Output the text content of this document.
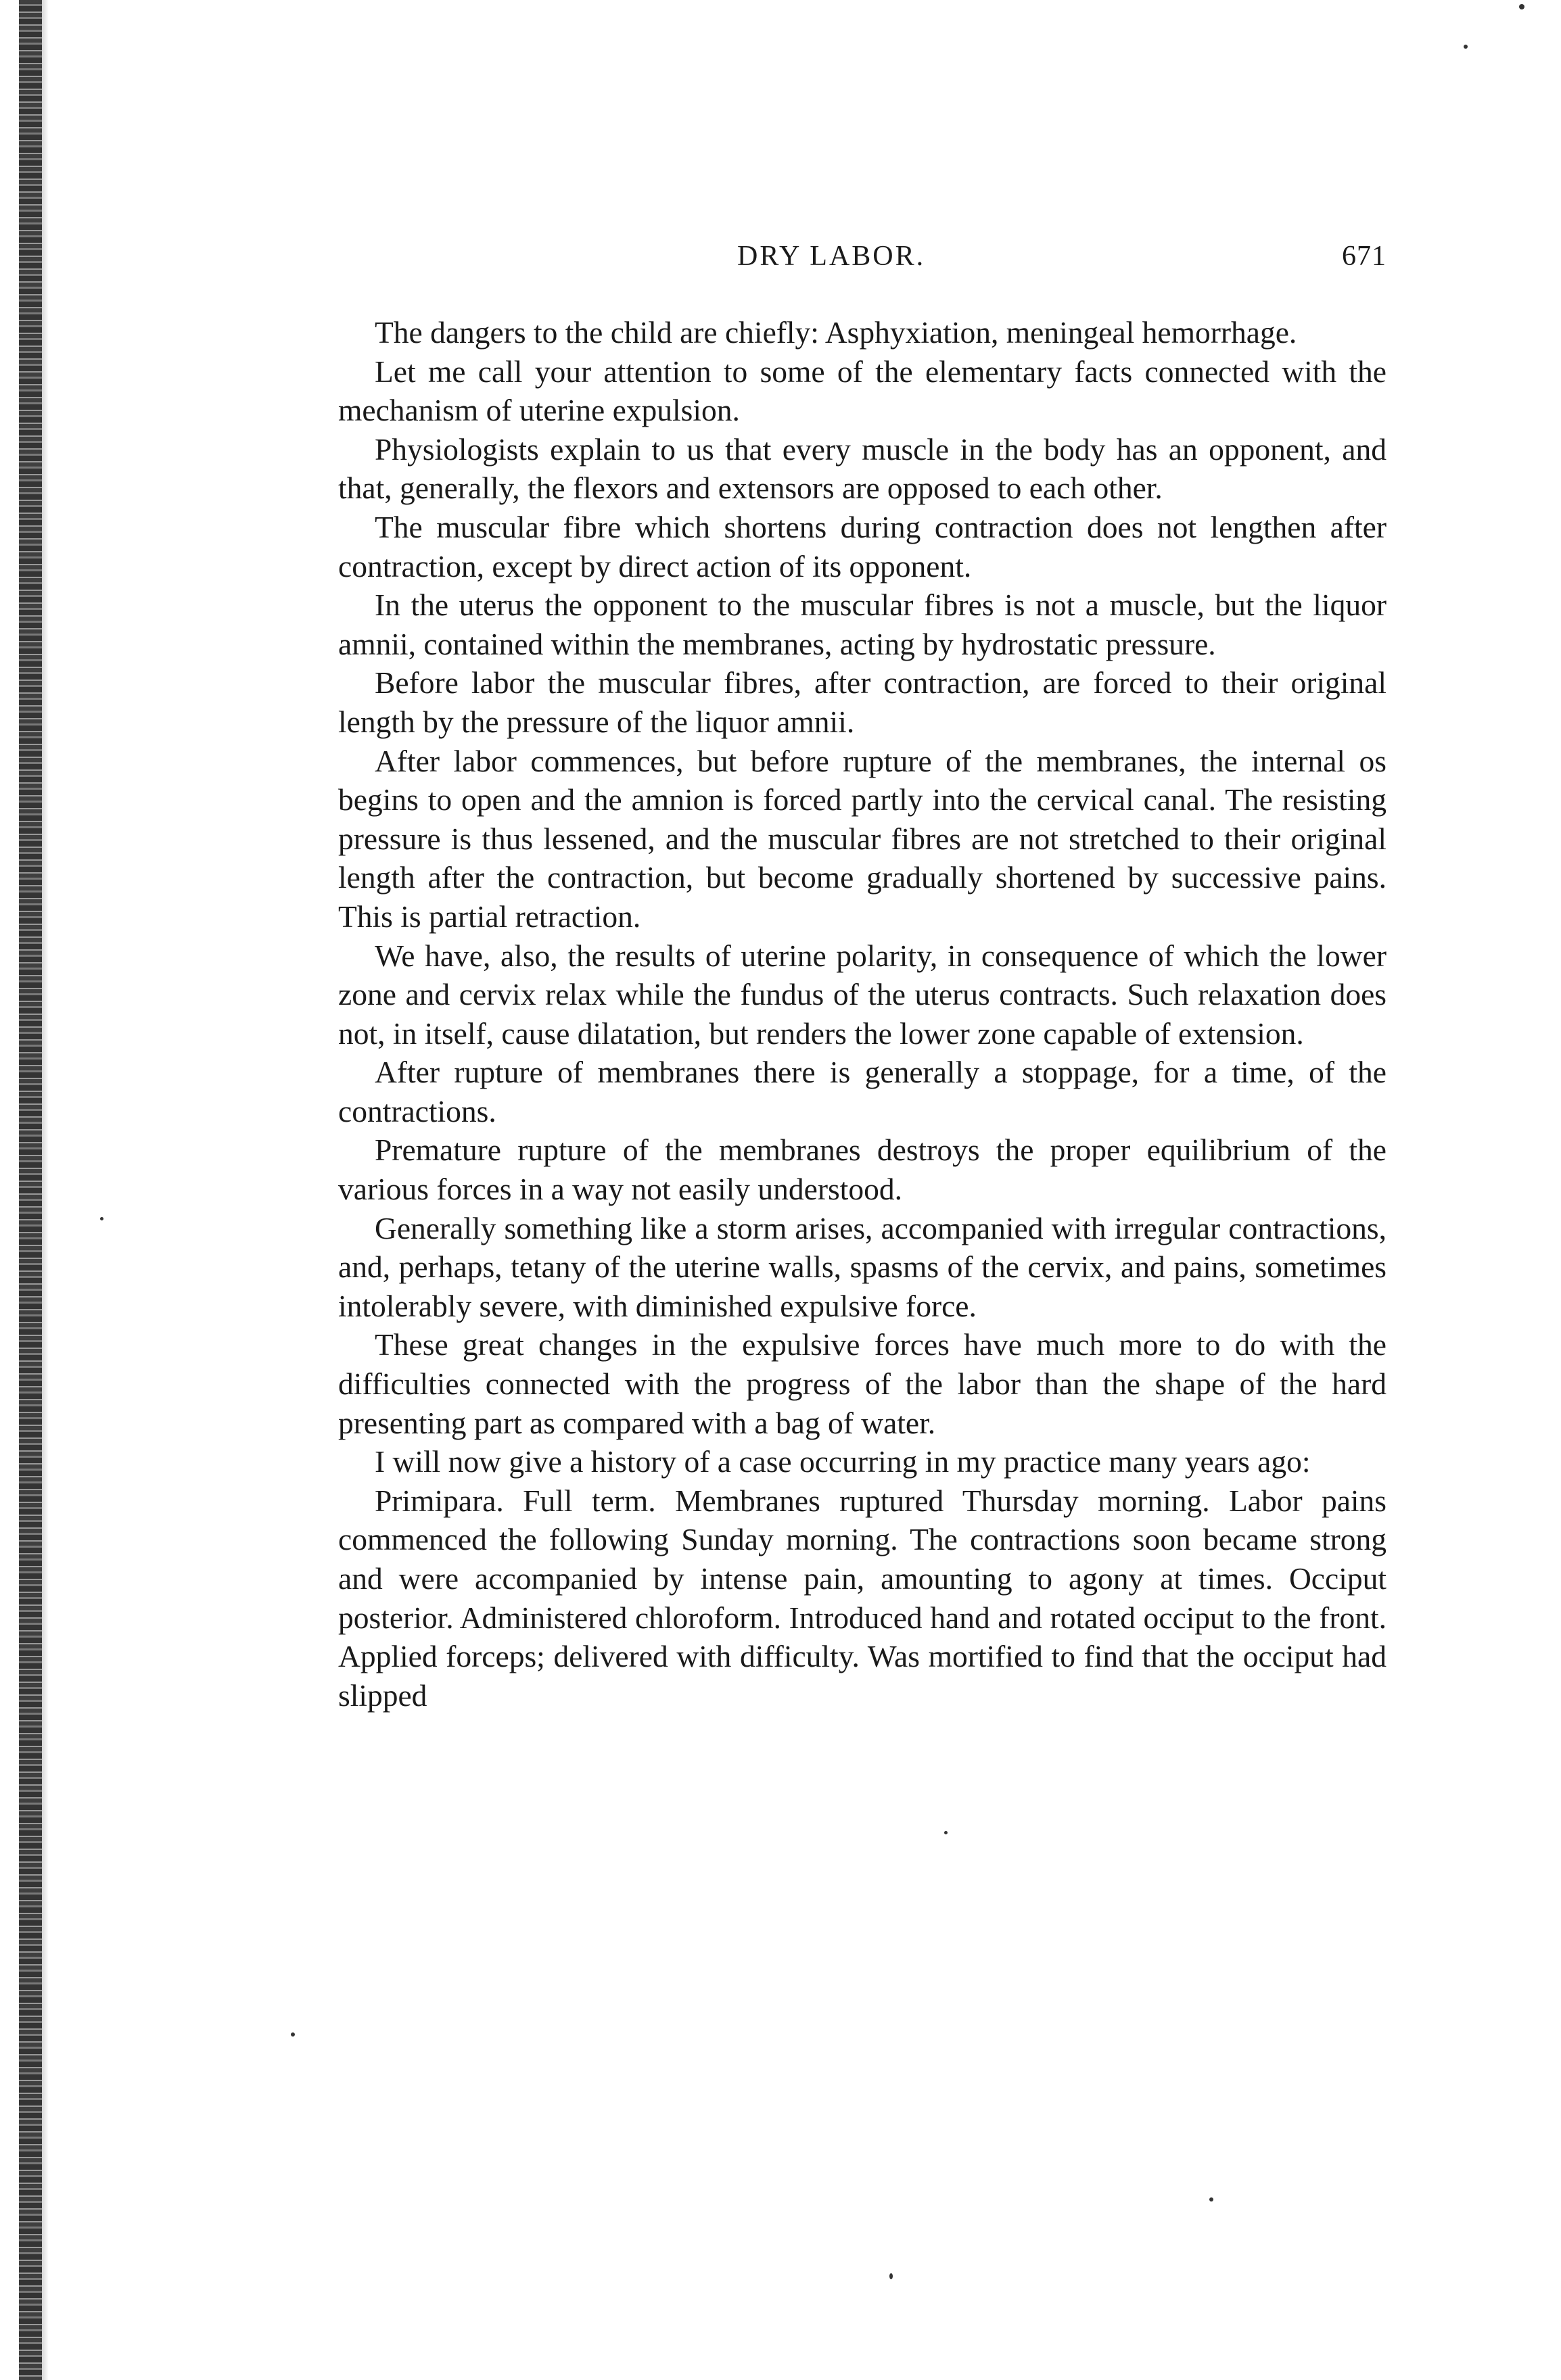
DRY LABOR.	671

The dangers to the child are chiefly: Asphyxiation, meningeal hemorrhage.

Let me call your attention to some of the elementary facts connected with the mechanism of uterine expulsion.

Physiologists explain to us that every muscle in the body has an opponent, and that, generally, the flexors and extensors are opposed to each other.

The muscular fibre which shortens during contraction does not lengthen after contraction, except by direct action of its opponent.

In the uterus the opponent to the muscular fibres is not a muscle, but the liquor amnii, contained within the membranes, acting by hydrostatic pressure.

Before labor the muscular fibres, after contraction, are forced to their original length by the pressure of the liquor amnii.

After labor commences, but before rupture of the membranes, the internal os begins to open and the amnion is forced partly into the cervical canal. The resisting pressure is thus lessened, and the muscular fibres are not stretched to their original length after the contraction, but become gradually shortened by successive pains. This is partial retraction.

We have, also, the results of uterine polarity, in consequence of which the lower zone and cervix relax while the fundus of the uterus contracts. Such relaxation does not, in itself, cause dilatation, but renders the lower zone capable of extension.

After rupture of membranes there is generally a stoppage, for a time, of the contractions.

Premature rupture of the membranes destroys the proper equilibrium of the various forces in a way not easily understood.

Generally something like a storm arises, accompanied with irregular contractions, and, perhaps, tetany of the uterine walls, spasms of the cervix, and pains, sometimes intolerably severe, with diminished expulsive force.

These great changes in the expulsive forces have much more to do with the difficulties connected with the progress of the labor than the shape of the hard presenting part as compared with a bag of water.

I will now give a history of a case occurring in my practice many years ago:

Primipara. Full term. Membranes ruptured Thursday morning. Labor pains commenced the following Sunday morning. The contractions soon became strong and were accompanied by intense pain, amounting to agony at times. Occiput posterior. Administered chloroform. Introduced hand and rotated occiput to the front. Applied forceps; delivered with difficulty. Was mortified to find that the occiput had slipped
